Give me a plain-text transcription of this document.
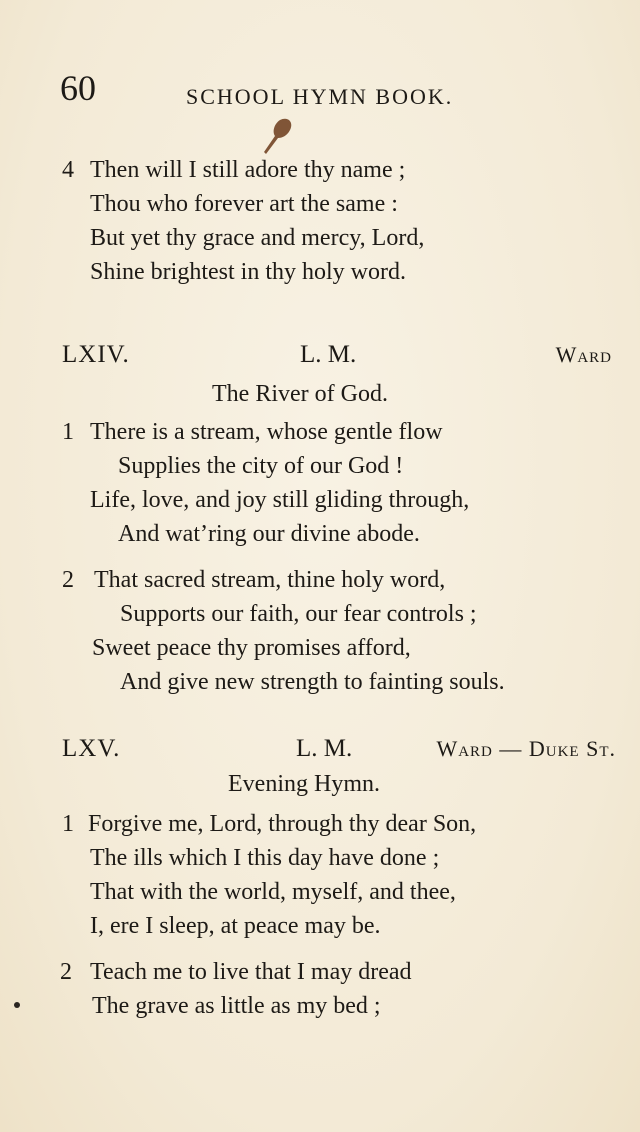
60	SCHOOL HYMN BOOK.
4 Then will I still adore thy name ;
Thou who forever art the same :
But yet thy grace and mercy, Lord,
Shine brightest in thy holy word.
LXIV.	L. M.	Ward
The River of God.
1 There is a stream, whose gentle flow
Supplies the city of our God !
Life, love, and joy still gliding through,
And wat’ring our divine abode.
2 That sacred stream, thine holy word,
Supports our faith, our fear controls ;
Sweet peace thy promises afford,
And give new strength to fainting souls.
LXV.	L. M.	Ward — Duke St.
Evening Hymn.
1 Forgive me, Lord, through thy dear Son,
The ills which I this day have done ;
That with the world, myself, and thee,
I, ere I sleep, at peace may be.
2 Teach me to live that I may dread
The grave as little as my bed ;
